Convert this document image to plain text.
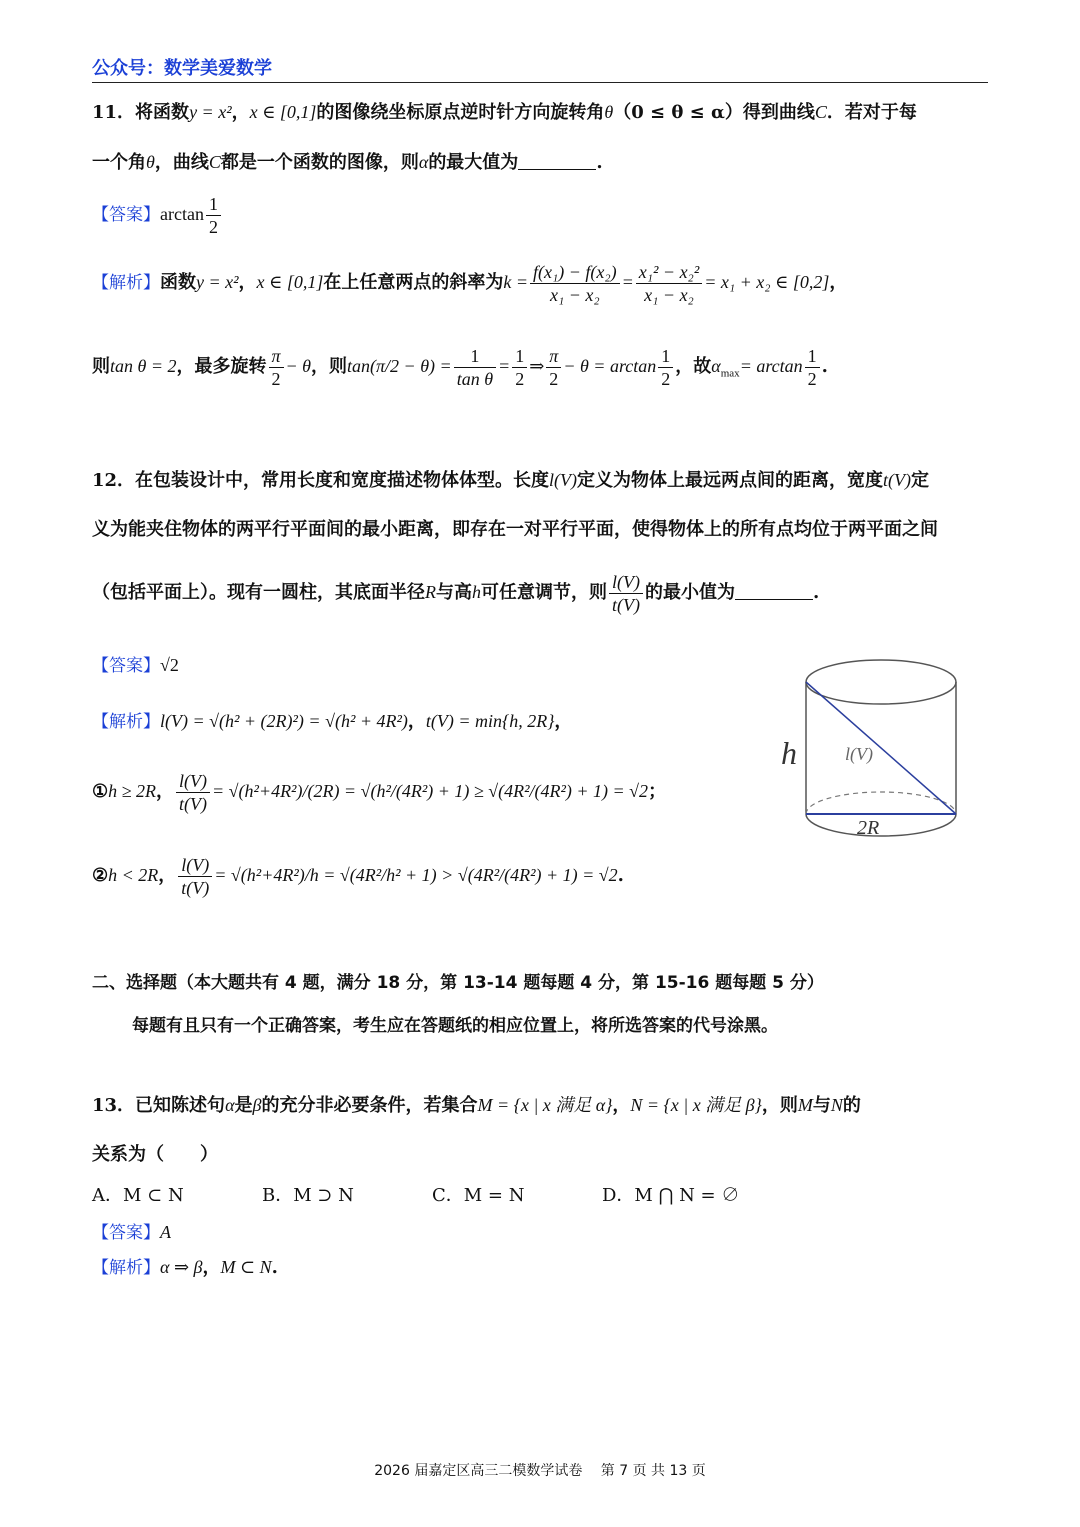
公众号：数学美爱数学
11．将函数y = x²，x ∈ [0,1]的图像绕坐标原点逆时针方向旋转角θ（0 ≤ θ ≤ α）得到曲线C．若对于每
一个角θ，曲线C都是一个函数的图像，则α的最大值为	.
【答案】$\arctan \frac{1}{2}$
【解析】函数y = x²，x ∈ [0,1]在上任意两点的斜率为$k = \frac{\text{f(x₁) − f(x₂)}}{\text{x₁ − x₂}} = \frac{\text{x₁² − x₂²}}{\text{x₁ − x₂}} = x_1 + x_2$ ∈ [0,2]，
则tan θ = 2，最多旋转 $\frac{\pi}{2} - \theta$，则$\tan(\pi/2 - \theta) = \frac{1}{\text{tan θ}} = \frac{1}{2}$ ⇒ $\frac{\pi}{2} - \theta = \arctan \frac{1}{2}$ ，故$\alpha_{max}= \arctan \frac{1}{2}$ .
12．在包装设计中，常用长度和宽度描述物体体型。长度l(V)定义为物体上最远两点间的距离，宽度t(V)定
义为能夹住物体的两平行平面间的最小距离，即存在一对平行平面，使得物体上的所有点均位于两平面之间
（包括平面上）。现有一圆柱，其底面半径R与高h可任意调节，则 $\frac{l(V)}{t(V)}$ 的最小值为	.
【答案】√2
【解析】l(V) = √(h² + (2R)²) = √(h² + 4R²)，t(V) = min{h, 2R}，
①h ≥ 2R， $\frac{l(V)}{t(V)} = √(h^2+4R^2)/(2R) = √(h^2/(4R^2) + 1) \ge √(4R^2/(4R^2) + 1) = √2$；
②h < 2R， $\frac{l(V)}{t(V)} = √(h^2+4R^2)/h = √(4R^2/h^2 + 1) > √(4R^2/(4R^2) + 1) = √2$.
h	l(V)
2R
二、选择题（本大题共有 4 题，满分 18 分，第 13-14 题每题 4 分，第 15-16 题每题 5 分）
每题有且只有一个正确答案，考生应在答题纸的相应位置上，将所选答案的代号涂黑。
13．已知陈述句α是β的充分非必要条件，若集合M = {x | x 满足 α}，N = {x | x 满足 β}，则M与N的
关系为（　　）
A．M ⊂ N	B．M ⊃ N	C．M = N	D．M ⋂ N = ∅
【答案】A
【解析】α ⇒ β，M ⊂ N.
2026 届嘉定区高三二模数学试卷　 第 7 页 共 13 页
